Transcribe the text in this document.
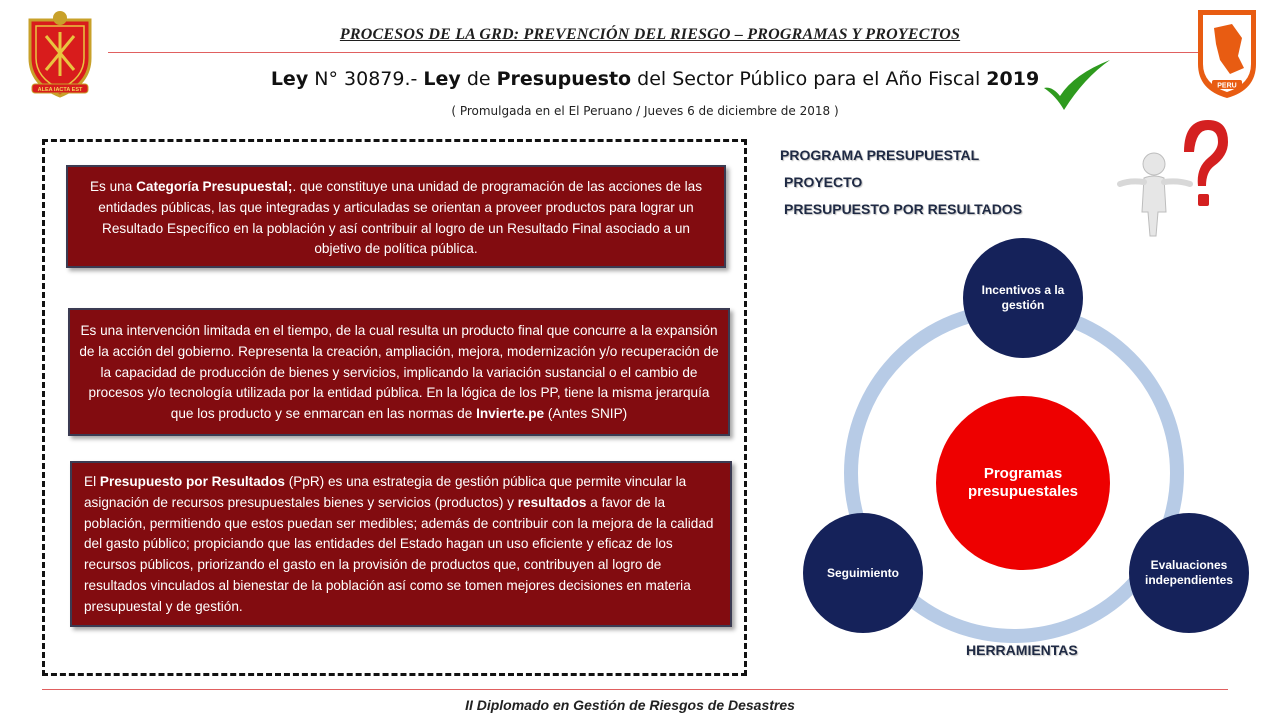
ALEA IACTA EST
PERU
PROCESOS DE LA GRD: PREVENCIÓN DEL RIESGO – PROGRAMAS Y PROYECTOS
Ley N° 30879.- Ley de Presupuesto del Sector Público para el Año Fiscal 2019
( Promulgada en el El Peruano / Jueves 6 de diciembre de 2018 )
Es una Categoría Presupuestal;. que constituye una unidad de programación de las acciones de las entidades públicas, las que integradas y articuladas se orientan a proveer productos para lograr un Resultado Específico en la población y así contribuir al logro de un Resultado Final asociado a un objetivo de política pública.
Es una intervención limitada en el tiempo, de la cual resulta un producto final que concurre a la expansión de la acción del gobierno. Representa la creación, ampliación, mejora, modernización y/o recuperación de la capacidad de producción de bienes y servicios, implicando la variación sustancial o el cambio de procesos y/o tecnología utilizada por la entidad pública. En la lógica de los PP, tiene la misma jerarquía que los producto y se enmarcan en las normas de Invierte.pe (Antes SNIP)
El Presupuesto por Resultados (PpR) es una estrategia de gestión pública que permite vincular la asignación de recursos presupuestales bienes y servicios (productos) y resultados a favor de la población, permitiendo que estos puedan ser medibles; además de contribuir con la mejora de la calidad del gasto público; propiciando que las entidades del Estado hagan un uso eficiente y eficaz de los recursos públicos, priorizando el gasto en la provisión de productos que, contribuyen al logro de resultados vinculados al bienestar de la población así como se tomen mejores decisiones en materia presupuestal y de gestión.
PROGRAMA PRESUPUESTAL
PROYECTO
PRESUPUESTO POR RESULTADOS
Programas presupuestales
Incentivos a la gestión
Seguimiento
Evaluaciones independientes
HERRAMIENTAS
II Diplomado en Gestión de Riesgos de Desastres
